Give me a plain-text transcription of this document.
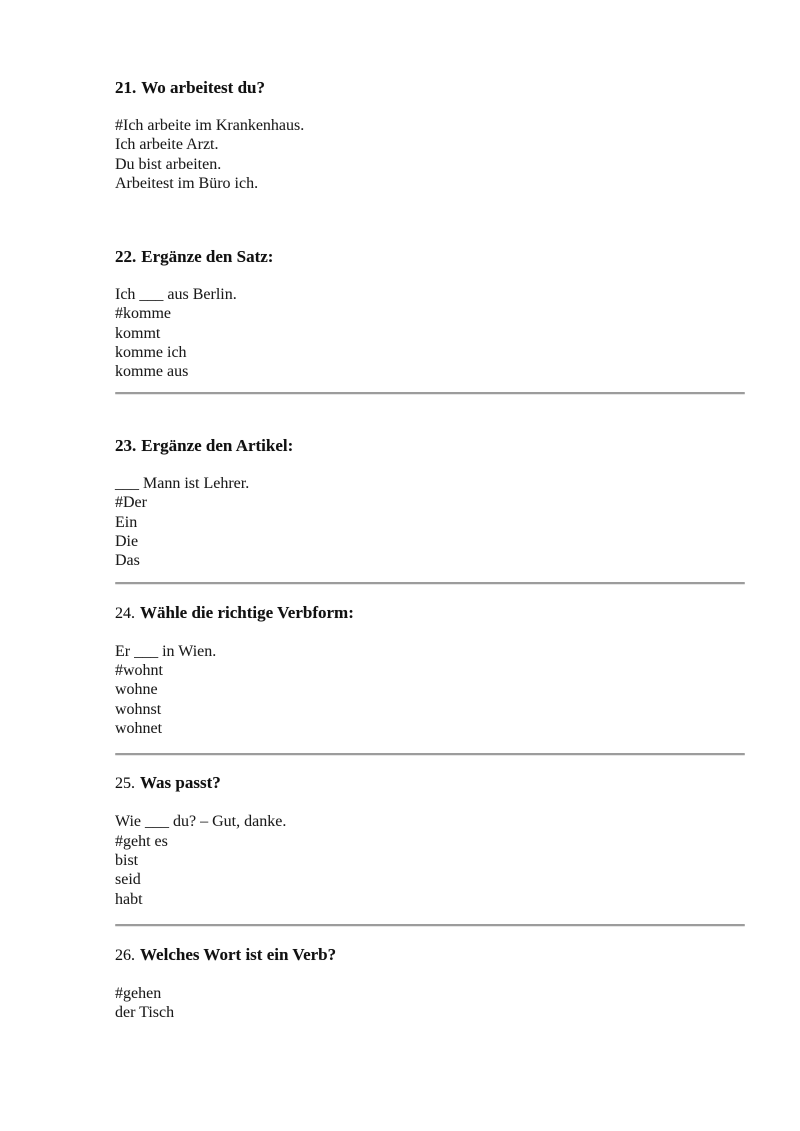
21. Wo arbeitest du?
#Ich arbeite im Krankenhaus.
Ich arbeite Arzt.
Du bist arbeiten.
Arbeitest im Büro ich.
22. Ergänze den Satz:

Ich ___ aus Berlin.

#komme
kommt
komme ich
komme aus
23. Ergänze den Artikel:

___ Mann ist Lehrer.

#Der
Ein
Die
Das
24. Wähle die richtige Verbform:

Er ___ in Wien.

#wohnt
wohne
wohnst
wohnet
25. Was passt?

Wie ___ du? – Gut, danke.

#geht es
bist
seid
habt
26. Welches Wort ist ein Verb?
#gehen
der Tisch
